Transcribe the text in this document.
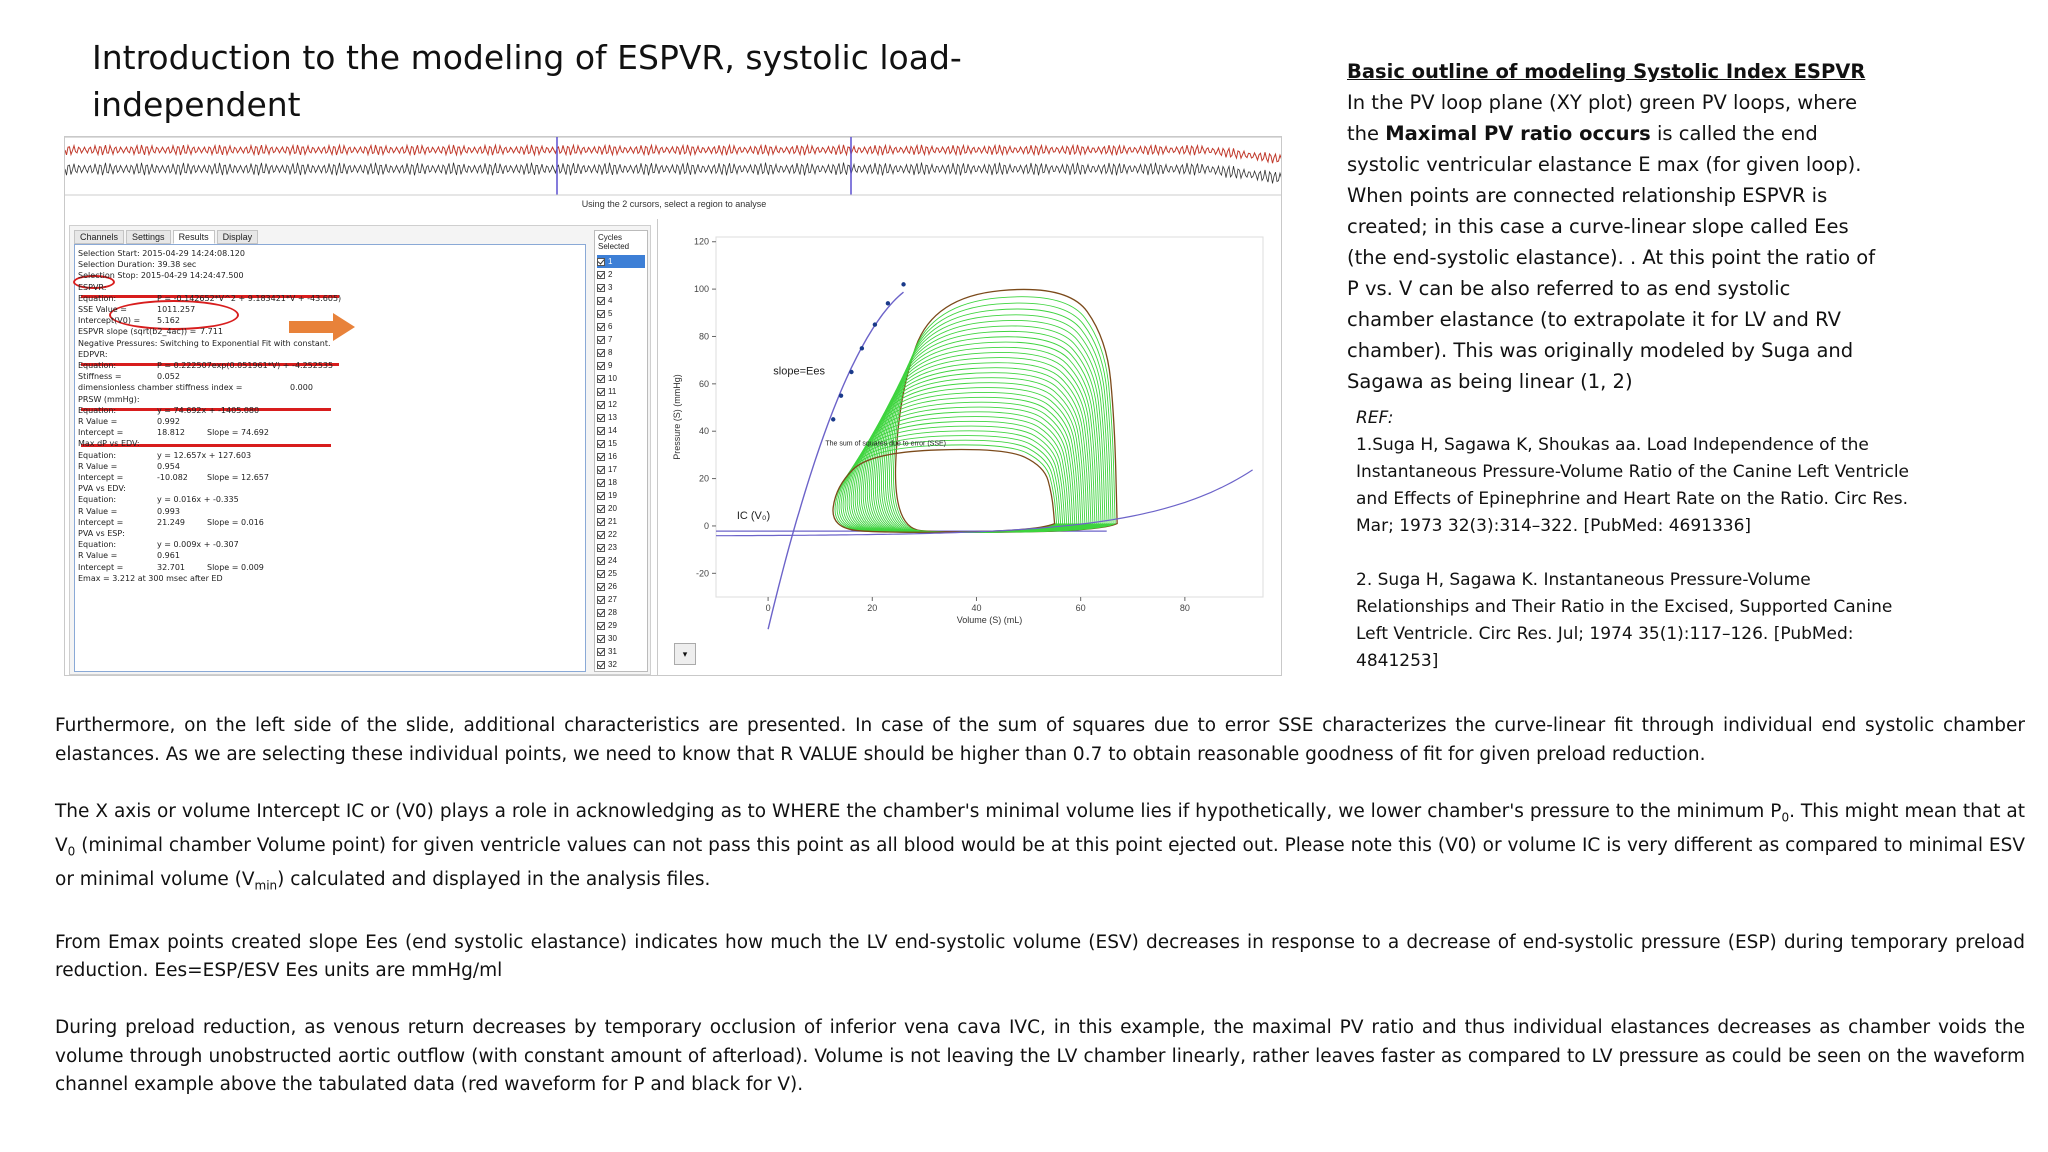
Introduction to the modeling of ESPVR, systolic load-independent
Using the 2 cursors, select a region to analyse
Channels	Settings	Results	Display
Selection Start: 2015-04-29 14:24:08.120
Selection Duration: 39.38 sec
Selection Stop: 2015-04-29 14:24:47.500
ESPVR:
Equation:	P = -0.142652*V^2 + 9.183421*V + -43.605)
SSE Value =	1011.257
Intercept(V0) = 5.162
ESPVR slope (sqrt(b2_4ac)) = 7.711
Negative Pressures: Switching to Exponential Fit with constant.
EDPVR:
Equation:	P = 0.222507exp(0.051961*V) + -4.252535
Stiffness =	0.052
dimensionless chamber stiffness index =	0.000
PRSW (mmHg):
Equation:	y = 74.692x + -1405.080
R Value =	0.992
Intercept =	18.812	Slope = 74.692
Max dP vs EDV:
Equation:	y = 12.657x + 127.603
R Value =	0.954
Intercept =	-10.082 Slope = 12.657
PVA vs EDV:
Equation:	y = 0.016x + -0.335
R Value =	0.993
Intercept =	21.249	Slope = 0.016
PVA vs ESP:
Equation:	y = 0.009x + -0.307
R Value =	0.961
Intercept =	32.701	Slope = 0.009
Emax = 3.212 at 300 msec after ED
Cycles Selected
1
2
3
4
5
6
7
8
9
10
11
12
13
14
15
16
17
18
19
20
21
22
23
24
25
26
27
28
29
30
31
32
-20
0
20
40
60
80
100
120
0	20	40	60	80
Volume (S) (mL)
Pressure (S) (mmHg)
slope=Ees
IC (V₀)
The sum of squares due to error (SSE)
▾
Basic outline of modeling Systolic Index ESPVR
In the PV loop plane (XY plot) green PV loops, where
the Maximal PV ratio occurs is called the end
systolic ventricular elastance E max (for given loop).
When points are connected relationship ESPVR is
created; in this case a curve-linear slope called Ees
(the end-systolic elastance). . At this point the ratio of
P vs. V can be also referred to as end systolic
chamber elastance (to extrapolate it for LV and RV
chamber). This was originally modeled by Suga and
Sagawa as being linear (1, 2)
REF:
1.Suga H, Sagawa K, Shoukas aa. Load Independence of the
Instantaneous Pressure-Volume Ratio of the Canine Left Ventricle
and Effects of Epinephrine and Heart Rate on the Ratio. Circ Res.
Mar; 1973 32(3):314–322. [PubMed: 4691336]
2. Suga H, Sagawa K. Instantaneous Pressure-Volume
Relationships and Their Ratio in the Excised, Supported Canine
Left Ventricle. Circ Res. Jul; 1974 35(1):117–126. [PubMed:
4841253]

Furthermore, on the left side of the slide, additional characteristics are presented. In case of the sum of squares due to error SSE characterizes the curve-linear fit through individual end systolic chamber elastances. As we are selecting these individual points, we need to know that R VALUE should be higher than 0.7 to obtain reasonable goodness of fit for given preload reduction.

The X axis or volume Intercept IC or (V0) plays a role in acknowledging as to WHERE the chamber's minimal volume lies if hypothetically, we lower chamber's pressure to the minimum $P_0$. This might mean that at $V_0$ (minimal chamber Volume point) for given ventricle values can not pass this point as all blood would be at this point ejected out. Please note this (V0) or volume IC is very different as compared to minimal ESV or minimal volume $(V_{min})$ calculated and displayed in the analysis files.

From Emax points created slope Ees (end systolic elastance) indicates how much the LV end-systolic volume (ESV) decreases in response to a decrease of end-systolic pressure (ESP) during temporary preload reduction. Ees=ESP/ESV Ees units are mmHg/ml

During preload reduction, as venous return decreases by temporary occlusion of inferior vena cava IVC, in this example, the maximal PV ratio and thus individual elastances decreases as chamber voids the volume through unobstructed aortic outflow (with constant amount of afterload). Volume is not leaving the LV chamber linearly, rather leaves faster as compared to LV pressure as could be seen on the waveform channel example above the tabulated data (red waveform for P and black for V).
